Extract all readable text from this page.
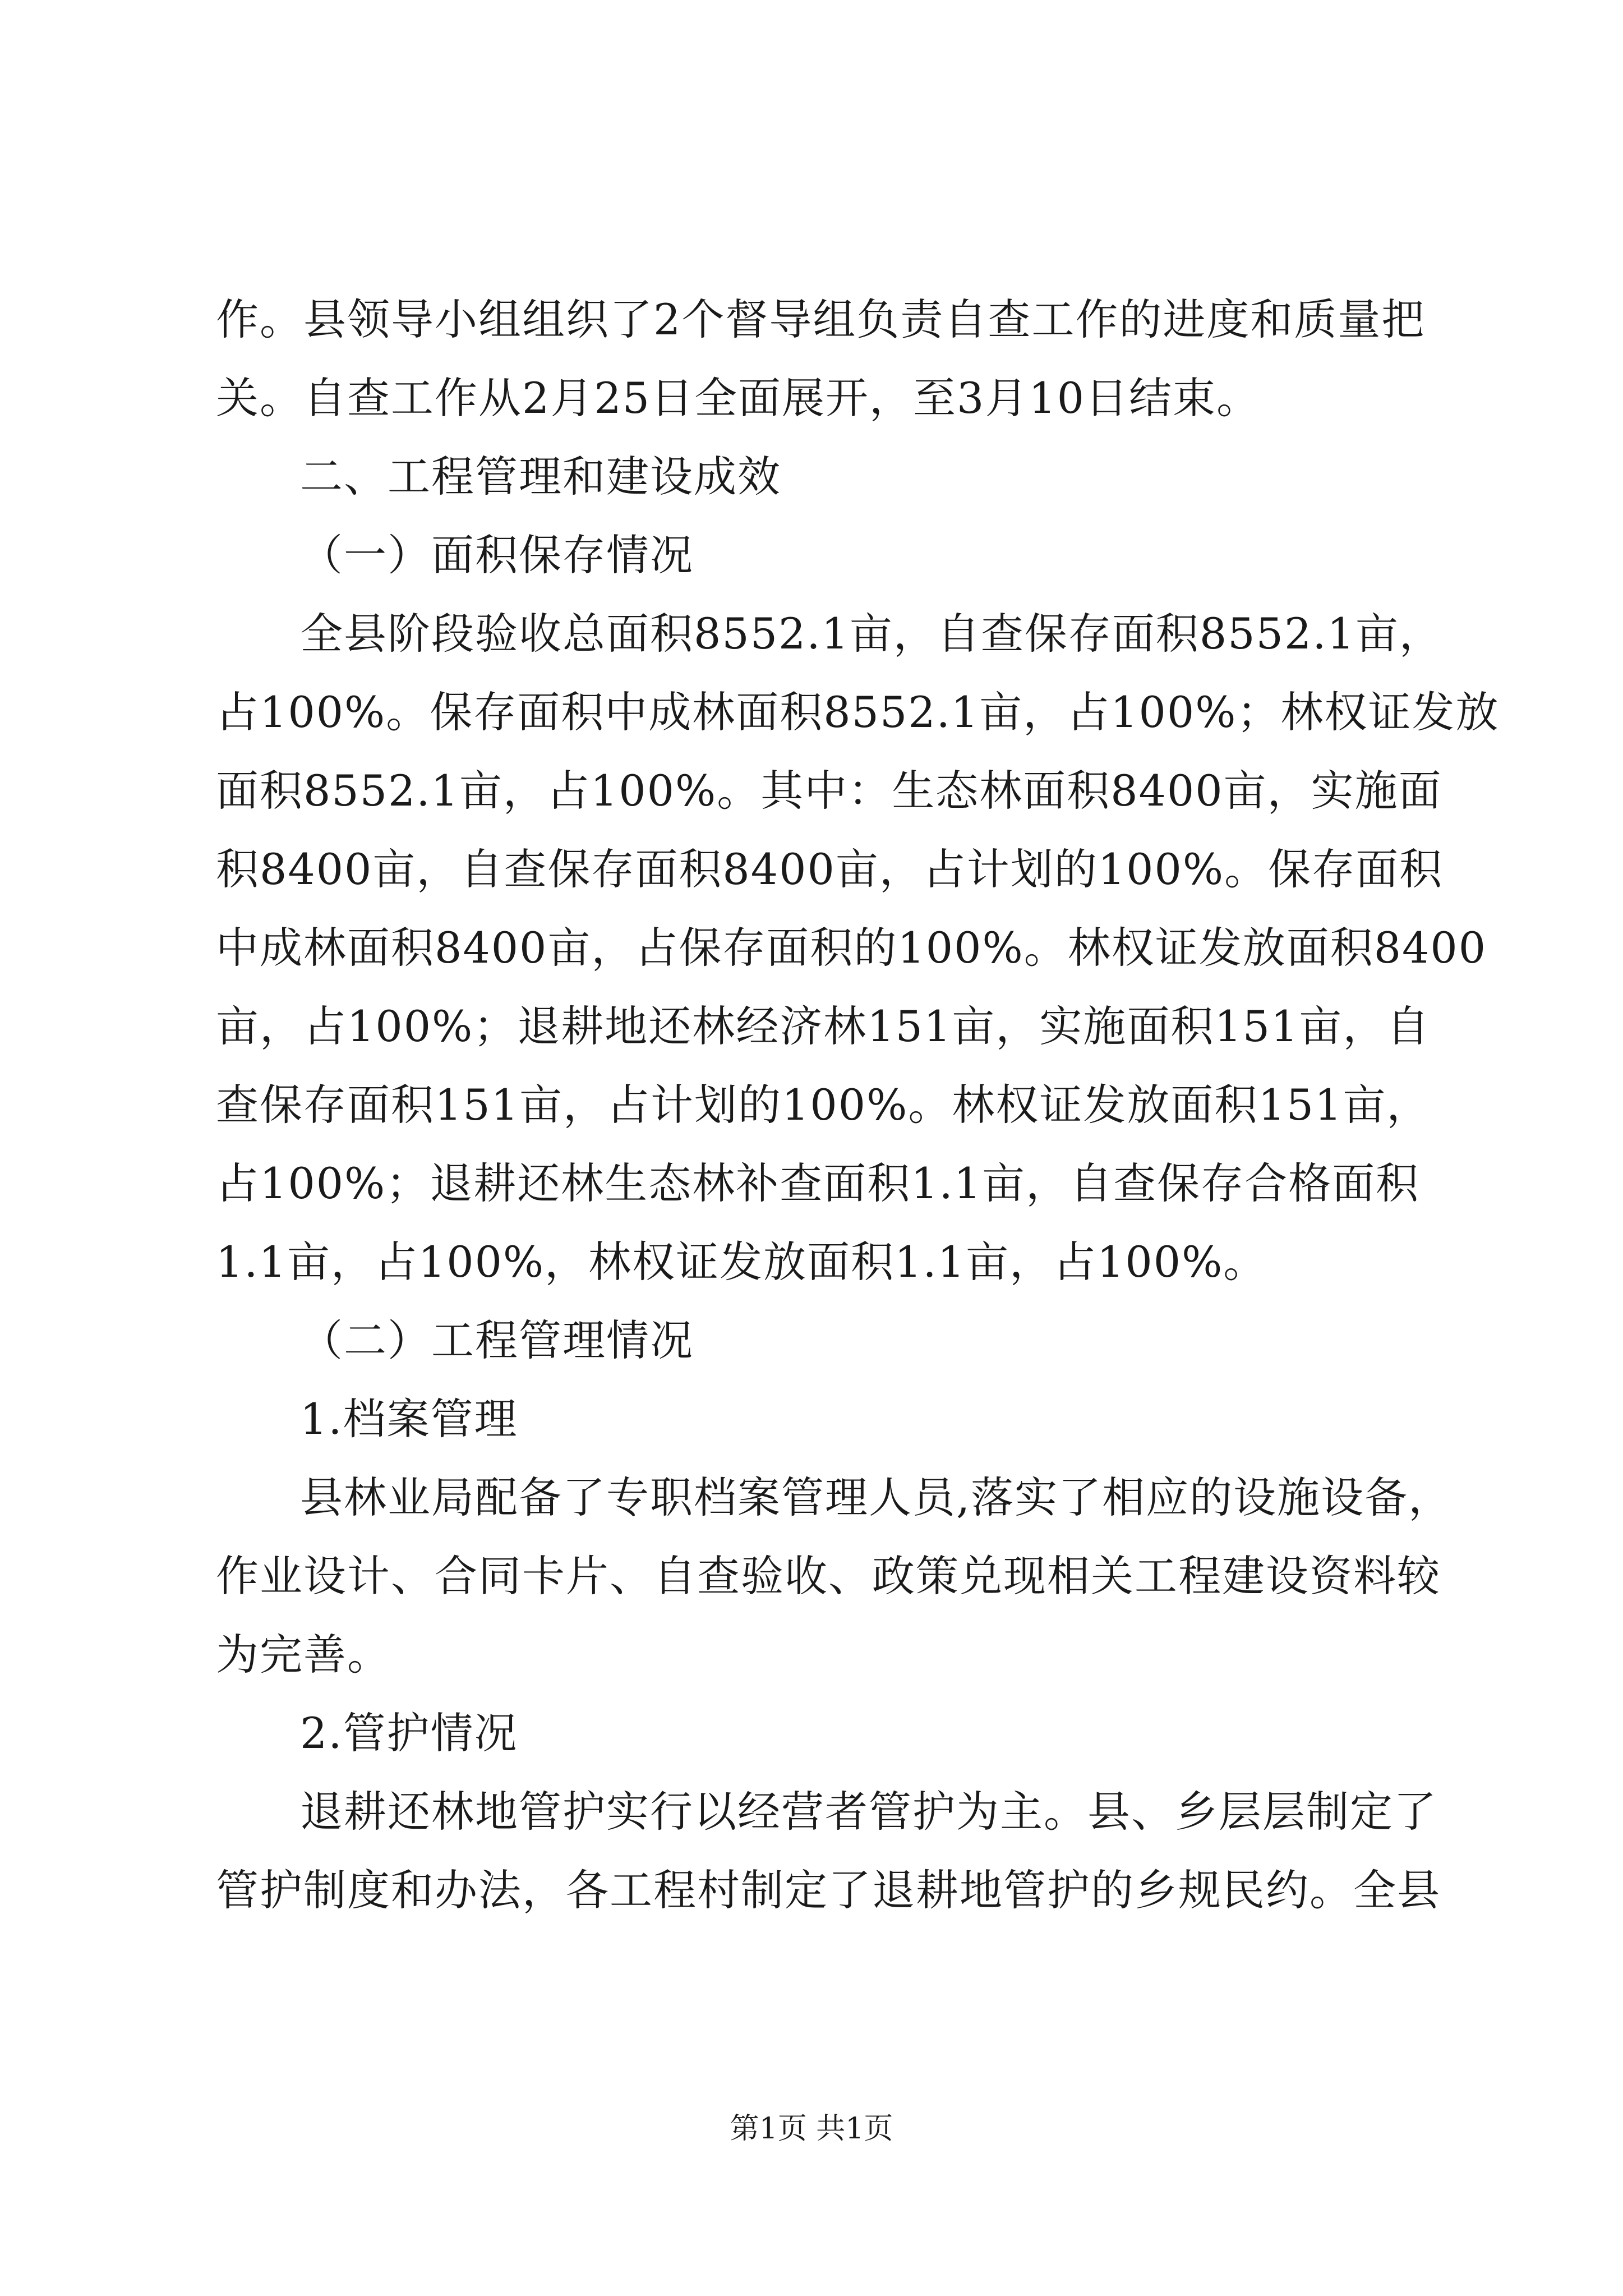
作。县领导小组组织了2个督导组负责自查工作的进度和质量把
关。自查工作从2月25日全面展开，至3月10日结束。
二、工程管理和建设成效
（一）面积保存情况
全县阶段验收总面积8552.1亩，自查保存面积8552.1亩，
占100%。保存面积中成林面积8552.1亩，占100%；林权证发放
面积8552.1亩，占100%。其中：生态林面积8400亩，实施面
积8400亩，自查保存面积8400亩，占计划的100%。保存面积
中成林面积8400亩，占保存面积的100%。林权证发放面积8400
亩，占100%；退耕地还林经济林151亩，实施面积151亩，自
查保存面积151亩，占计划的100%。林权证发放面积151亩，
占100%；退耕还林生态林补查面积1.1亩，自查保存合格面积
1.1亩，占100%，林权证发放面积1.1亩，占100%。
（二）工程管理情况
1.档案管理
县林业局配备了专职档案管理人员,落实了相应的设施设备，
作业设计、合同卡片、自查验收、政策兑现相关工程建设资料较
为完善。
2.管护情况
退耕还林地管护实行以经营者管护为主。县、乡层层制定了
管护制度和办法，各工程村制定了退耕地管护的乡规民约。全县
第1页 共1页
